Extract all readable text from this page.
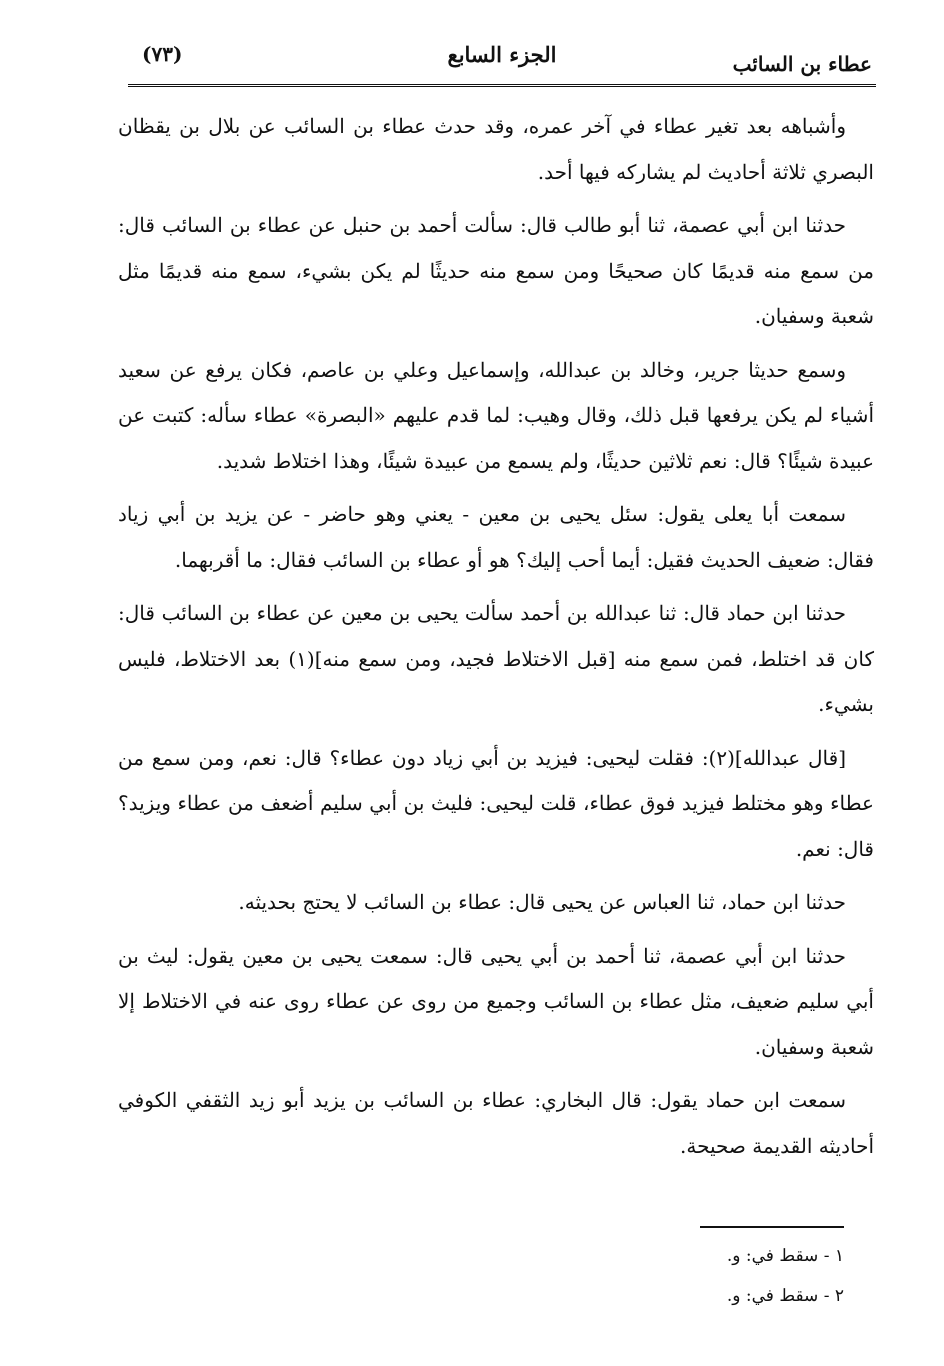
عطاء بن السائب
الجزء السابع
(٧٣)

وأشباهه بعد تغير عطاء في آخر عمره، وقد حدث عطاء بن السائب عن بلال بن يقظان البصري ثلاثة أحاديث لم يشاركه فيها أحد.

حدثنا ابن أبي عصمة، ثنا أبو طالب قال: سألت أحمد بن حنبل عن عطاء بن السائب قال: من سمع منه قديمًا كان صحيحًا ومن سمع منه حديثًا لم يكن بشيء، سمع منه قديمًا مثل شعبة وسفيان.

وسمع حديثا جرير، وخالد بن عبدالله، وإسماعيل وعلي بن عاصم، فكان يرفع عن سعيد أشياء لم يكن يرفعها قبل ذلك، وقال وهيب: لما قدم عليهم «البصرة» عطاء سأله: كتبت عن عبيدة شيئًا؟ قال: نعم ثلاثين حديثًا، ولم يسمع من عبيدة شيئًا، وهذا اختلاط شديد.

سمعت أبا يعلى يقول: سئل يحيى بن معين - يعني وهو حاضر - عن يزيد بن أبي زياد فقال: ضعيف الحديث فقيل: أيما أحب إليك؟ هو أو عطاء بن السائب فقال: ما أقربهما.

حدثنا ابن حماد قال: ثنا عبدالله بن أحمد سألت يحيى بن معين عن عطاء بن السائب قال: كان قد اختلط، فمن سمع منه [قبل الاختلاط فجيد، ومن سمع منه](١) بعد الاختلاط، فليس بشيء.

[قال عبدالله](٢): فقلت ليحيى: فيزيد بن أبي زياد دون عطاء؟ قال: نعم، ومن سمع من عطاء وهو مختلط فيزيد فوق عطاء، قلت ليحيى: فليث بن أبي سليم أضعف من عطاء ويزيد؟ قال: نعم.

حدثنا ابن حماد، ثنا العباس عن يحيى قال: عطاء بن السائب لا يحتج بحديثه.

حدثنا ابن أبي عصمة، ثنا أحمد بن أبي يحيى قال: سمعت يحيى بن معين يقول: ليث بن أبي سليم ضعيف، مثل عطاء بن السائب وجميع من روى عن عطاء روى عنه في الاختلاط إلا شعبة وسفيان.

سمعت ابن حماد يقول: قال البخاري: عطاء بن السائب بن يزيد أبو زيد الثقفي الكوفي أحاديثه القديمة صحيحة.

١ - سقط في: و.

٢ - سقط في: و.
